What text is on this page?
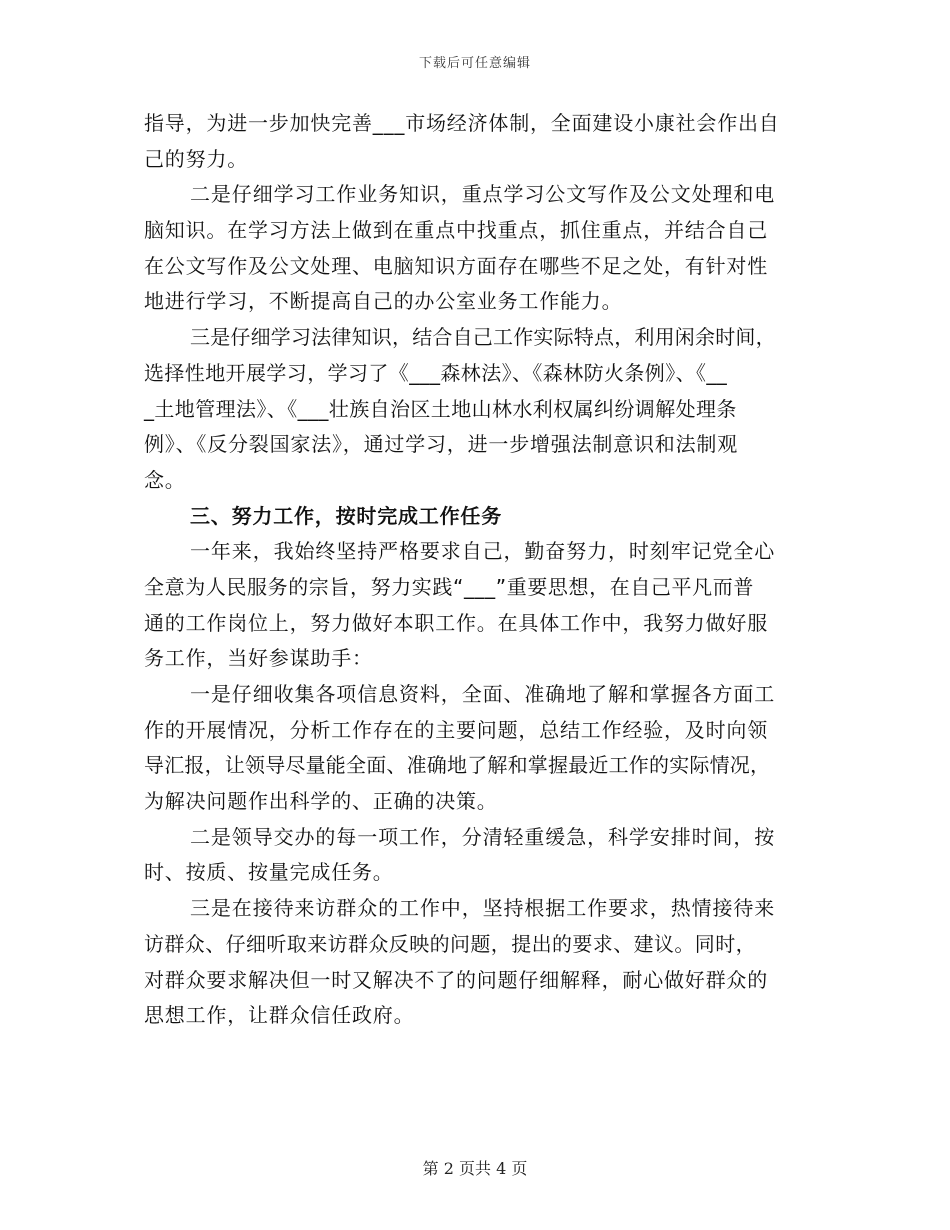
下载后可任意编辑
指导，为进一步加快完善___市场经济体制，全面建设小康社会作出自
己的努力。
二是仔细学习工作业务知识，重点学习公文写作及公文处理和电
脑知识。在学习方法上做到在重点中找重点，抓住重点，并结合自己
在公文写作及公文处理、电脑知识方面存在哪些不足之处，有针对性
地进行学习，不断提高自己的办公室业务工作能力。
三是仔细学习法律知识，结合自己工作实际特点，利用闲余时间，
选择性地开展学习，学习了《___森林法》、《森林防火条例》、《__
_土地管理法》、《___壮族自治区土地山林水利权属纠纷调解处理条
例》、《反分裂国家法》，通过学习，进一步增强法制意识和法制观
念。
三、努力工作，按时完成工作任务
一年来，我始终坚持严格要求自己，勤奋努力，时刻牢记党全心
全意为人民服务的宗旨，努力实践“___”重要思想，在自己平凡而普
通的工作岗位上，努力做好本职工作。在具体工作中，我努力做好服
务工作，当好参谋助手：
一是仔细收集各项信息资料，全面、准确地了解和掌握各方面工
作的开展情况，分析工作存在的主要问题，总结工作经验，及时向领
导汇报，让领导尽量能全面、准确地了解和掌握最近工作的实际情况，
为解决问题作出科学的、正确的决策。
二是领导交办的每一项工作，分清轻重缓急，科学安排时间，按
时、按质、按量完成任务。
三是在接待来访群众的工作中，坚持根据工作要求，热情接待来
访群众、仔细听取来访群众反映的问题，提出的要求、建议。同时，
对群众要求解决但一时又解决不了的问题仔细解释，耐心做好群众的
思想工作，让群众信任政府。
第 2 页共 4 页
